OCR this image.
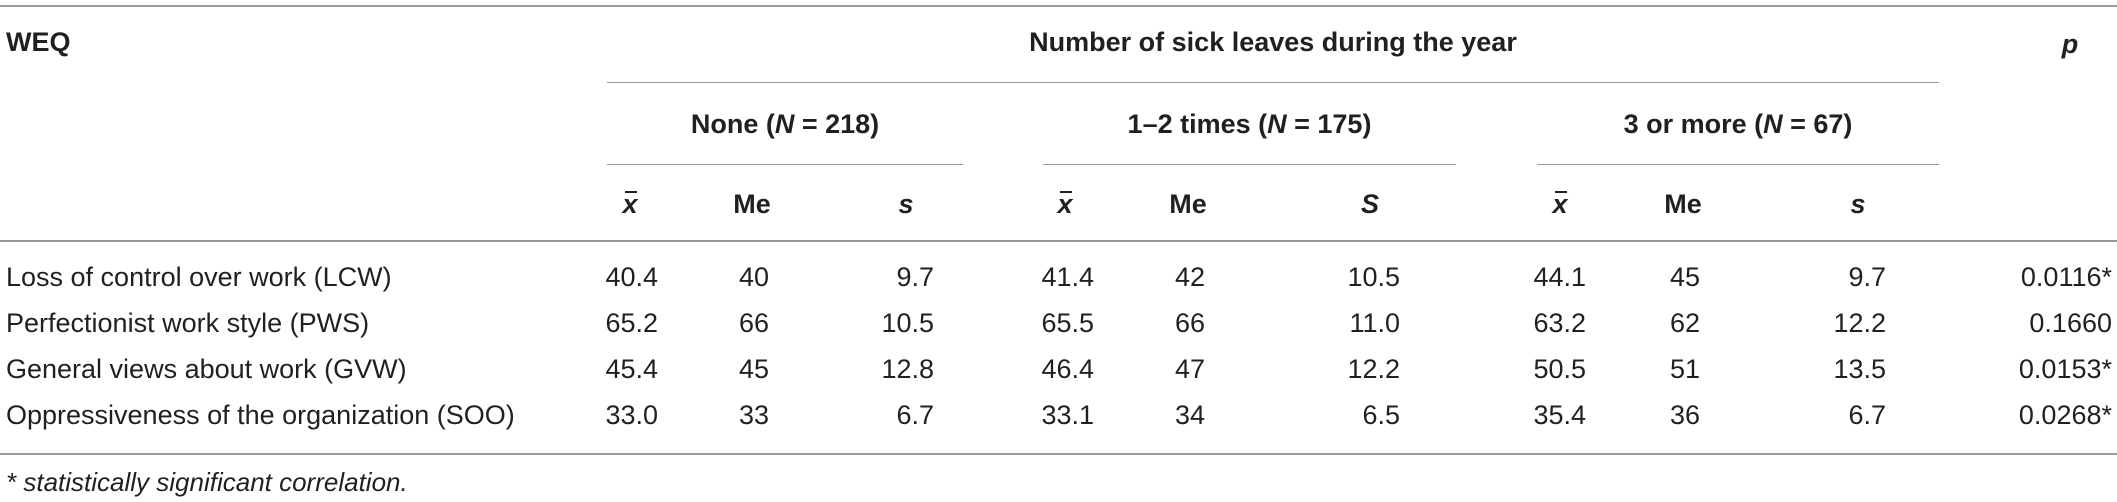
WEQ	Number of sick leaves during the year	p
None (N = 218)	1–2 times (N = 175)	3 or more (N = 67)
x	Me	s	x	Me	S	x	Me	s
Loss of control over work (LCW)	40.4	40	9.7	41.4	42	10.5	44.1	45	9.7	0.0116*
Perfectionist work style (PWS)	65.2	66	10.5	65.5	66	11.0	63.2	62	12.2	0.1660
General views about work (GVW)	45.4	45	12.8	46.4	47	12.2	50.5	51	13.5	0.0153*
Oppressiveness of the organization (SOO)	33.0	33	6.7	33.1	34	6.5	35.4	36	6.7	0.0268*
* statistically significant correlation.
